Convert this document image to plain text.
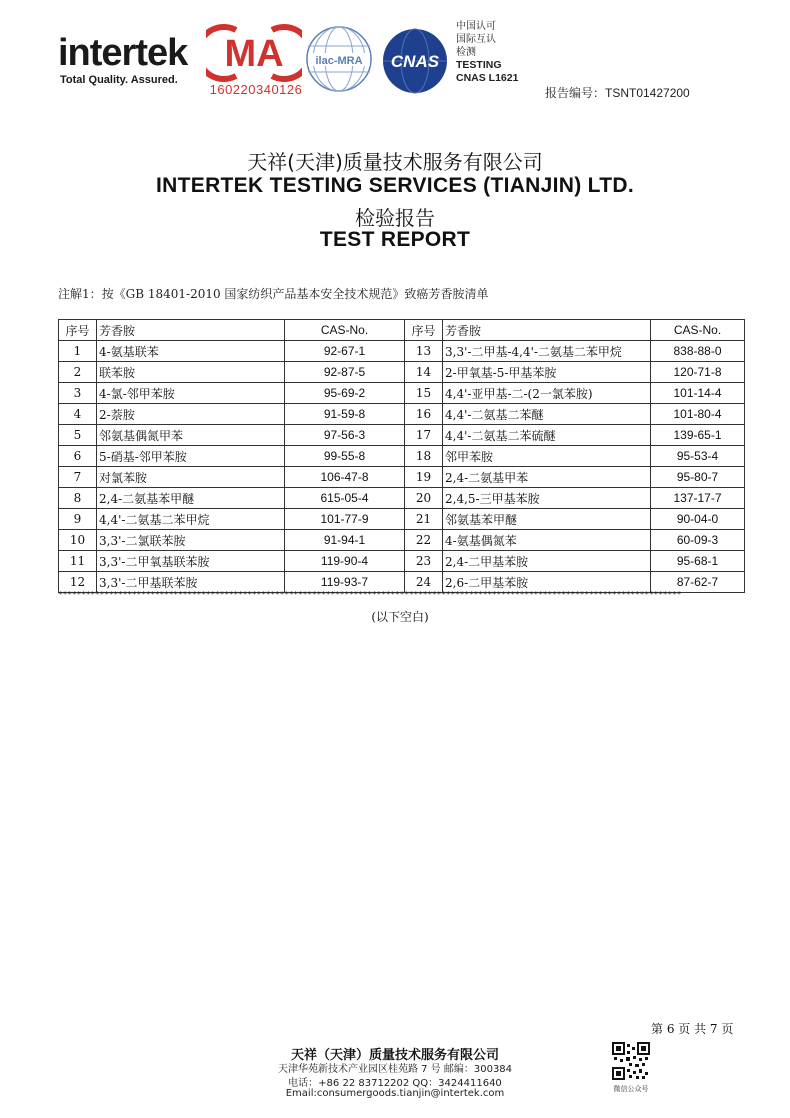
intertek
Total Quality. Assured.
MA
160220340126
ilac-MRA CNAS
中国认可
国际互认
检测
TESTING
CNAS L1621
报告编号：TSNT01427200
天祥(天津)质量技术服务有限公司
INTERTEK TESTING SERVICES (TIANJIN) LTD.
检验报告
TEST REPORT
注解1：按《GB 18401-2010 国家纺织产品基本安全技术规范》致癌芳香胺清单
序号	芳香胺	CAS-No.	序号	芳香胺	CAS-No.
1	4-氨基联苯	92-67-1	13	3,3'-二甲基-4,4'-二氨基二苯甲烷	838-88-0
2	联苯胺	92-87-5	14	2-甲氧基-5-甲基苯胺	120-71-8
3	4-氯-邻甲苯胺	95-69-2	15	4,4'-亚甲基-二-(2一氯苯胺)	101-14-4
4	2-萘胺	91-59-8	16	4,4'-二氨基二苯醚	101-80-4
5	邻氨基偶氮甲苯	97-56-3	17	4,4'-二氨基二苯硫醚	139-65-1
6	5-硝基-邻甲苯胺	99-55-8	18	邻甲苯胺	95-53-4
7	对氯苯胺	106-47-8	19	2,4-二氨基甲苯	95-80-7
8	2,4-二氨基苯甲醚	615-05-4	20	2,4,5-三甲基苯胺	137-17-7
9	4,4'-二氨基二苯甲烷	101-77-9	21	邻氨基苯甲醚	90-04-0
10	3,3'-二氯联苯胺	91-94-1	22	4-氨基偶氮苯	60-09-3
11	3,3'-二甲氧基联苯胺	119-90-4	23	2,4-二甲基苯胺	95-68-1
12	3,3'-二甲基联苯胺	119-93-7	24	2,6-二甲基苯胺	87-62-7
***************************************************************************************************************************************
(以下空白)
第 6 页 共 7 页
天祥（天津）质量技术服务有限公司
天津华苑新技术产业园区桂苑路 7 号 邮编：300384
电话：+86 22 83712202 QQ：3424411640
Email:consumergoods.tianjin@intertek.com	微信公众号
